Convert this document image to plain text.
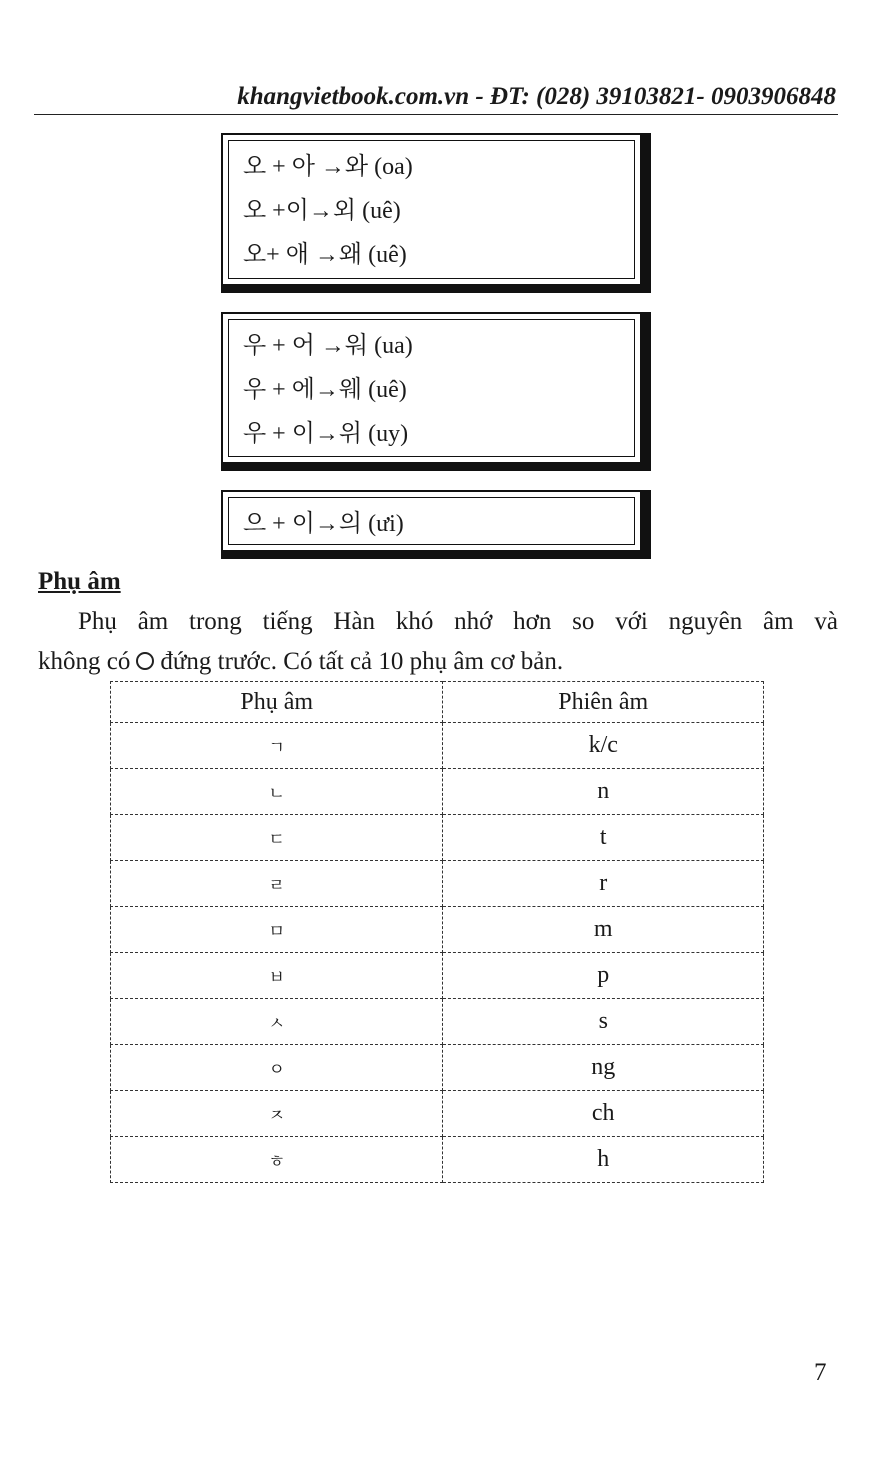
khangvietbook.com.vn - ĐT: (028) 39103821- 0903906848
오 + 아 →와 (oa)
오 +이→외 (uê)
오+ 애 →왜 (uê)
우 + 어 →워 (ua)
우 + 에→웨 (uê)
우 + 이→위 (uy)
으 + 이→의 (ưi)
Phụ âm
Phụ âm trong tiếng Hàn khó nhớ hơn so với nguyên âm và
không có đứng trước. Có tất cả 10 phụ âm cơ bản.
Phụ âm	Phiên âm
ㄱ	k/c
ㄴ	n
ㄷ	t
ㄹ	r
ㅁ	m
ㅂ	p
ㅅ	s
ㅇ	ng
ㅈ	ch
ㅎ	h
7
